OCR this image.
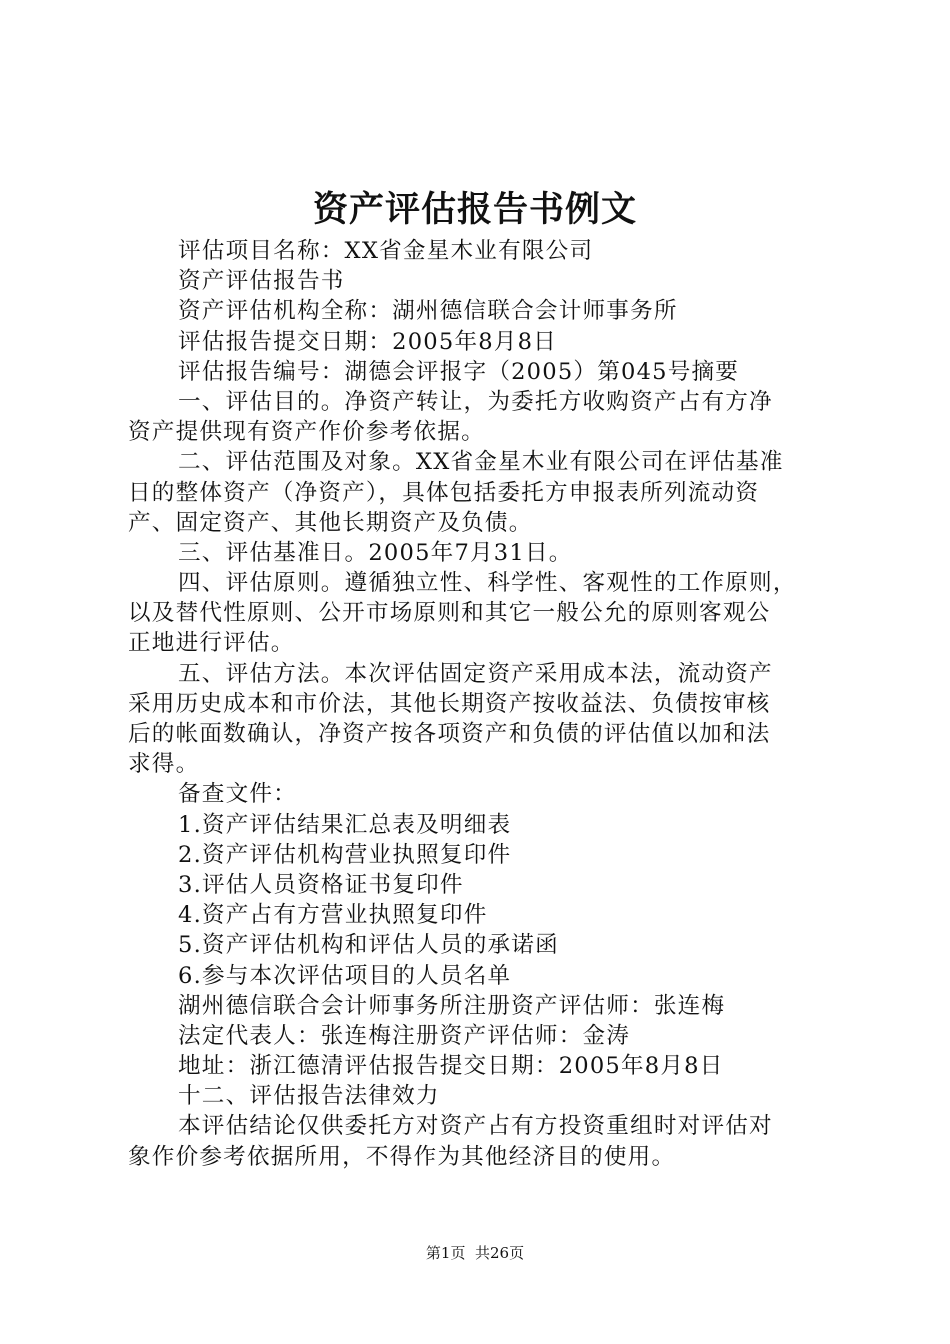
资产评估报告书例文
评估项目名称：XX省金星木业有限公司
资产评估报告书
资产评估机构全称：湖州德信联合会计师事务所
评估报告提交日期：2005年8月8日
评估报告编号：湖德会评报字（2005）第045号摘要
一、评估目的。净资产转让，为委托方收购资产占有方净
资产提供现有资产作价参考依据。
二、评估范围及对象。XX省金星木业有限公司在评估基准
日的整体资产（净资产），具体包括委托方申报表所列流动资
产、固定资产、其他长期资产及负债。
三、评估基准日。2005年7月31日。
四、评估原则。遵循独立性、科学性、客观性的工作原则，
以及替代性原则、公开市场原则和其它一般公允的原则客观公
正地进行评估。
五、评估方法。本次评估固定资产采用成本法，流动资产
采用历史成本和市价法，其他长期资产按收益法、负债按审核
后的帐面数确认，净资产按各项资产和负债的评估值以加和法
求得。
备查文件：
1.资产评估结果汇总表及明细表
2.资产评估机构营业执照复印件
3.评估人员资格证书复印件
4.资产占有方营业执照复印件
5.资产评估机构和评估人员的承诺函
6.参与本次评估项目的人员名单
湖州德信联合会计师事务所注册资产评估师：张连梅
法定代表人：张连梅注册资产评估师：金涛
地址：浙江德清评估报告提交日期：2005年8月8日
十二、评估报告法律效力
本评估结论仅供委托方对资产占有方投资重组时对评估对
象作价参考依据所用，不得作为其他经济目的使用。
第1页  共26页
